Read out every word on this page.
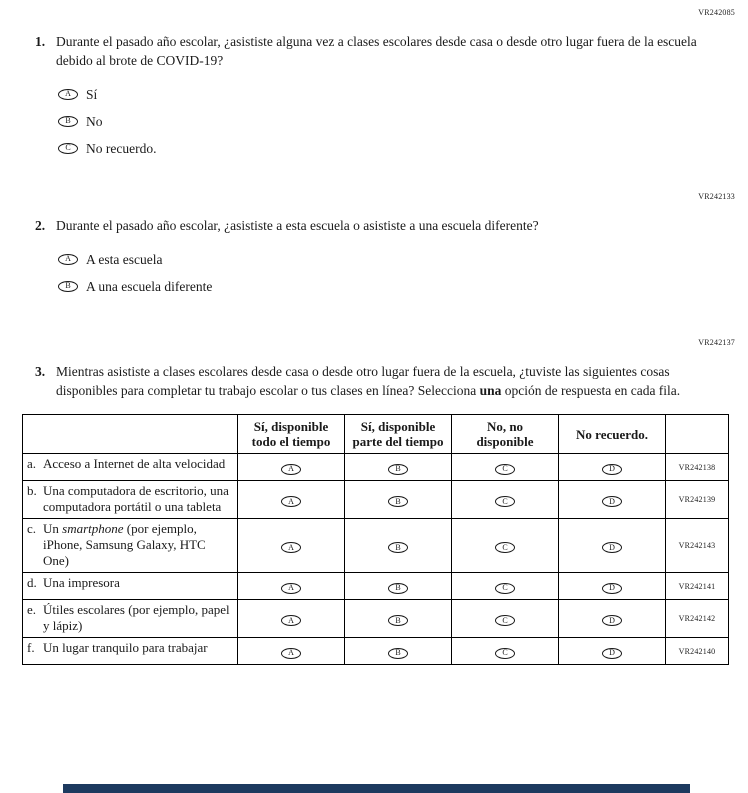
VR242085
1. Durante el pasado año escolar, ¿asististe alguna vez a clases escolares desde casa o desde otro lugar fuera de la escuela debido al brote de COVID-19?
A	Sí
B	No
C	No recuerdo.
VR242133
2. Durante el pasado año escolar, ¿asististe a esta escuela o asististe a una escuela diferente?
A	A esta escuela
B	A una escuela diferente
VR242137
3. Mientras asististe a clases escolares desde casa o desde otro lugar fuera de la escuela, ¿tuviste las siguientes cosas disponibles para completar tu trabajo escolar o tus clases en línea? Selecciona una opción de respuesta en cada fila.
	Sí, disponible todo el tiempo	Sí, disponible parte del tiempo	No, no disponible	No recuerdo.	

a. Acceso a Internet de alta velocidad	A	B	C	D	VR242138

b. Una computadora de escritorio, una computadora portátil o una tableta	A	B	C	D	VR242139

c. Un smartphone (por ejemplo, iPhone, Samsung Galaxy, HTC One)	A	B	C	D	VR242143

d. Una impresora	A	B	C	D	VR242141

e. Útiles escolares (por ejemplo, papel y lápiz)	A	B	C	D	VR242142

f. Un lugar tranquilo para trabajar	A	B	C	D	VR242140
